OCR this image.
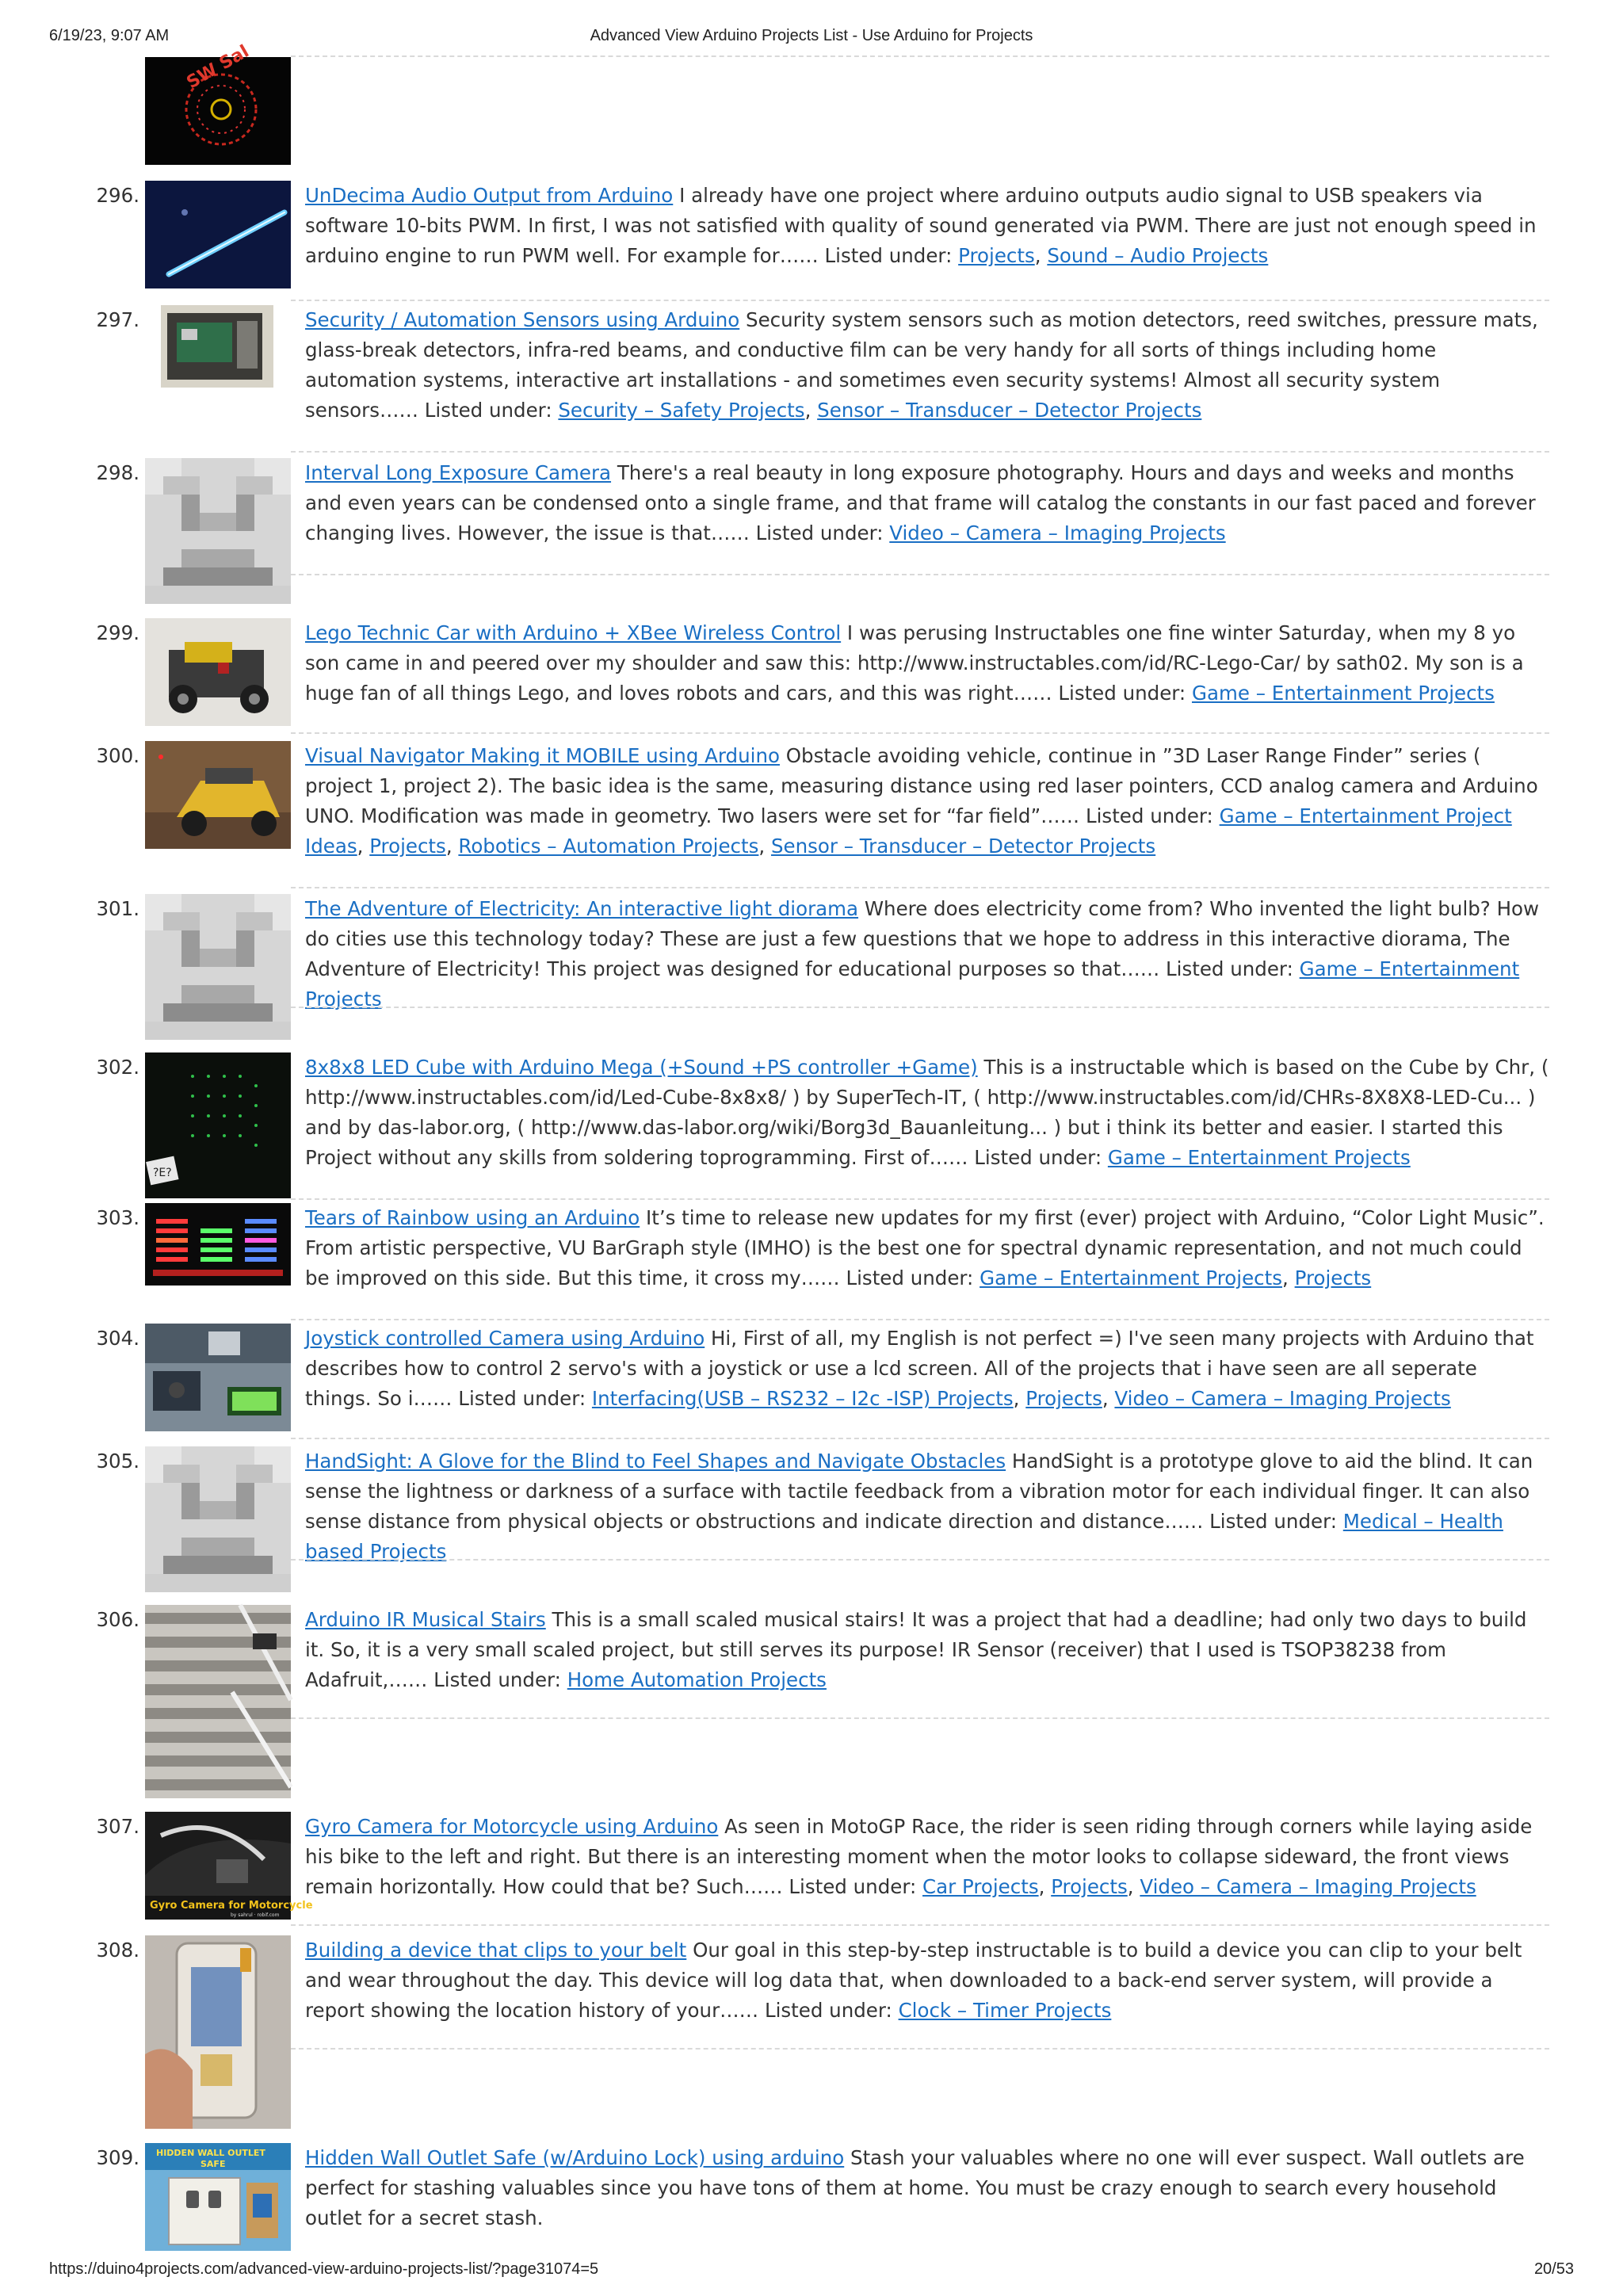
6/19/23, 9:07 AM	Advanced View Arduino Projects List - Use Arduino for Projects
SW Sal
296.	UnDecima Audio Output from Arduino I already have one project where arduino outputs audio signal to USB speakers via software 10-bits PWM. In first, I was not satisfied with quality of sound generated via PWM. There are just not enough speed in arduino engine to run PWM well. For example for…… Listed under: Projects, Sound – Audio Projects
297.	Security / Automation Sensors using Arduino Security system sensors such as motion detectors, reed switches, pressure mats, glass-break detectors, infra-red beams, and conductive film can be very handy for all sorts of things including home automation systems, interactive art installations - and sometimes even security systems! Almost all security system sensors…… Listed under: Security – Safety Projects, Sensor – Transducer – Detector Projects
298.	Interval Long Exposure Camera There's a real beauty in long exposure photography. Hours and days and weeks and months and even years can be condensed onto a single frame, and that frame will catalog the constants in our fast paced and forever changing lives. However, the issue is that…… Listed under: Video – Camera – Imaging Projects
299.	Lego Technic Car with Arduino + XBee Wireless Control I was perusing Instructables one fine winter Saturday, when my 8 yo son came in and peered over my shoulder and saw this: http://www.instructables.com/id/RC-Lego-Car/ by sath02. My son is a huge fan of all things Lego, and loves robots and cars, and this was right…… Listed under: Game – Entertainment Projects
300.	Visual Navigator Making it MOBILE using Arduino Obstacle avoiding vehicle, continue in ”3D Laser Range Finder” series ( project 1, project 2). The basic idea is the same, measuring distance using red laser pointers, CCD analog camera and Arduino UNO. Modification was made in geometry. Two lasers were set for “far field”…… Listed under: Game – Entertainment Project Ideas, Projects, Robotics – Automation Projects, Sensor – Transducer – Detector Projects
301.	The Adventure of Electricity: An interactive light diorama Where does electricity come from? Who invented the light bulb? How do cities use this technology today? These are just a few questions that we hope to address in this interactive diorama, The Adventure of Electricity! This project was designed for educational purposes so that…… Listed under: Game – Entertainment Projects
302.
?E?
8x8x8 LED Cube with Arduino Mega (+Sound +PS controller +Game) This is a instructable which is based on the Cube by Chr, ( http://www.instructables.com/id/Led-Cube-8x8x8/ ) by SuperTech-IT, ( http://www.instructables.com/id/CHRs-8X8X8-LED-Cu... ) and by das-labor.org, ( http://www.das-labor.org/wiki/Borg3d_Bauanleitung... ) but i think its better and easier. I started this Project without any skills from soldering toprogramming. First of…… Listed under: Game – Entertainment Projects
303.	Tears of Rainbow using an Arduino It’s time to release new updates for my first (ever) project with Arduino, “Color Light Music”. From artistic perspective, VU BarGraph style (IMHO) is the best one for spectral dynamic representation, and not much could be improved on this side. But this time, it cross my…… Listed under: Game – Entertainment Projects, Projects
304.	Joystick controlled Camera using Arduino Hi, First of all, my English is not perfect =) I've seen many projects with Arduino that describes how to control 2 servo's with a joystick or use a lcd screen. All of the projects that i have seen are all seperate things. So i…… Listed under: Interfacing(USB – RS232 – I2c -ISP) Projects, Projects, Video – Camera – Imaging Projects
305.	HandSight: A Glove for the Blind to Feel Shapes and Navigate Obstacles HandSight is a prototype glove to aid the blind. It can sense the lightness or darkness of a surface with tactile feedback from a vibration motor for each individual finger. It can also sense distance from physical objects or obstructions and indicate direction and distance…… Listed under: Medical – Health based Projects
306.	Arduino IR Musical Stairs This is a small scaled musical stairs! It was a project that had a deadline; had only two days to build it. So, it is a very small scaled project, but still serves its purpose! IR Sensor (receiver) that I used is TSOP38238 from Adafruit,…… Listed under: Home Automation Projects
307.
Gyro Camera for Motorcycle
by sahrul · robif.com
Gyro Camera for Motorcycle using Arduino As seen in MotoGP Race, the rider is seen riding through corners while laying aside his bike to the left and right. But there is an interesting moment when the motor looks to collapse sideward, the front views remain horizontally. How could that be? Such…… Listed under: Car Projects, Projects, Video – Camera – Imaging Projects
308.	Building a device that clips to your belt Our goal in this step-by-step instructable is to build a device you can clip to your belt and wear throughout the day. This device will log data that, when downloaded to a back-end server system, will provide a report showing the location history of your…… Listed under: Clock – Timer Projects
309. HIDDEN WALL OUTLET
SAFE	Hidden Wall Outlet Safe (w/Arduino Lock) using arduino Stash your valuables where no one will ever suspect. Wall outlets are perfect for stashing valuables since you have tons of them at home. You must be crazy enough to search every household outlet for a secret stash.
https://duino4projects.com/advanced-view-arduino-projects-list/?page31074=5	20/53
